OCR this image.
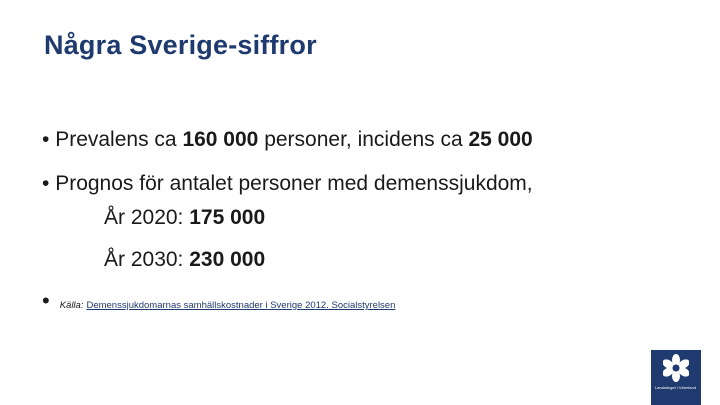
Några Sverige-siffror
• Prevalens ca 160 000 personer, incidens ca 25 000
• Prognos för antalet personer med demenssjukdom,
År 2020: 175 000
År 2030: 230 000
• Källa: Demenssjukdomarnas samhällskostnader i Sverige 2012. Socialstyrelsen
Landstinget i Värmland
